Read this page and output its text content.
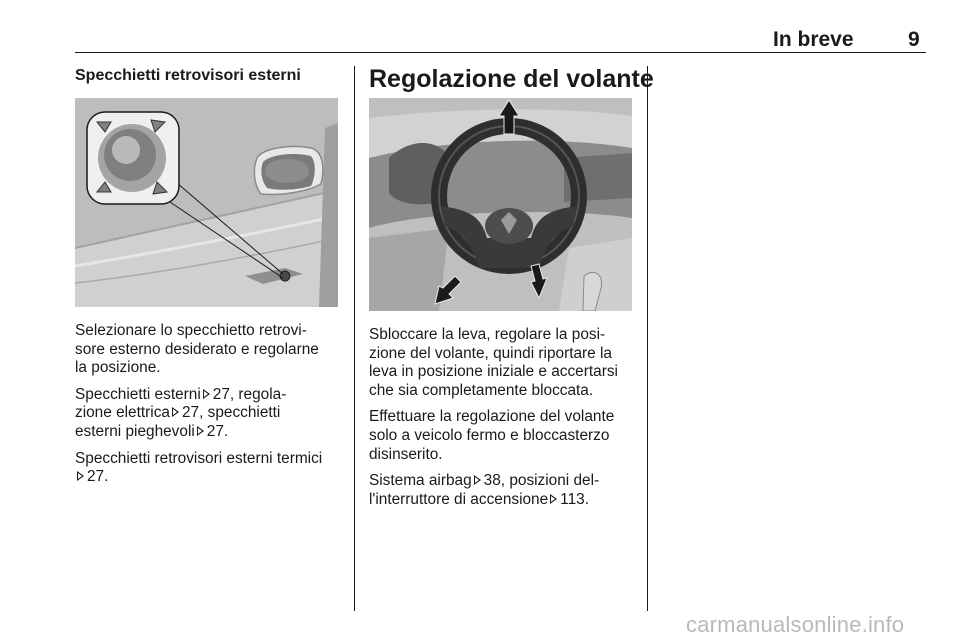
In breve	9
Specchietti retrovisori esterni

Selezionare lo specchietto retrovi-
sore esterno desiderato e regolarne
la posizione.

Specchietti esterni 27, regola-
zione elettrica 27, specchietti
esterni pieghevoli 27.

Specchietti retrovisori esterni termici
27.

Regolazione del volante

Sbloccare la leva, regolare la posi-
zione del volante, quindi riportare la
leva in posizione iniziale e accertarsi
che sia completamente bloccata.

Effettuare la regolazione del volante
solo a veicolo fermo e bloccasterzo
disinserito.

Sistema airbag 38, posizioni del-
l'interruttore di accensione 113.

carmanualsonline.info
